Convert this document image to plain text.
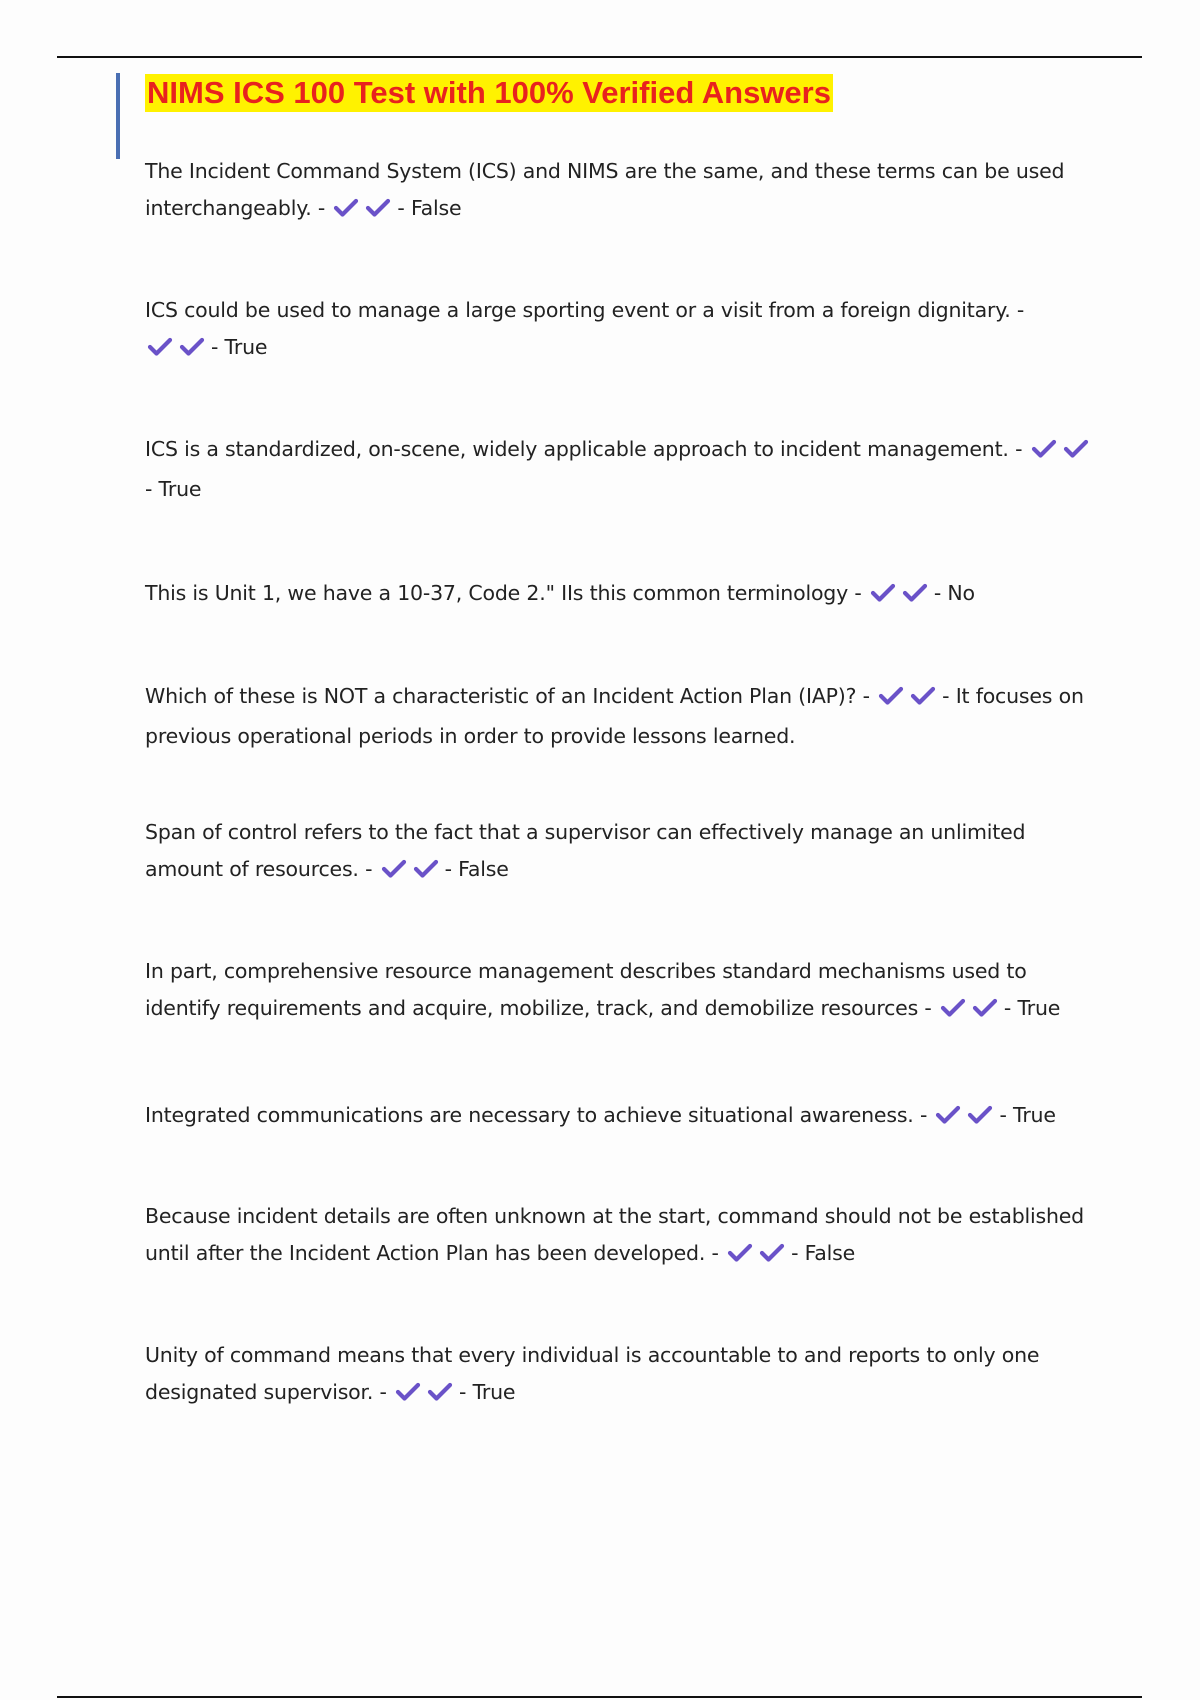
NIMS ICS 100 Test with 100% Verified Answers

The Incident Command System (ICS) and NIMS are the same, and these terms can be used interchangeably. -	- False

ICS could be used to manage a large sporting event or a visit from a foreign dignitary. - - True

ICS is a standardized, on-scene, widely applicable approach to incident management. - - True

This is Unit 1, we have a 10-37, Code 2." IIs this common terminology -	- No

Which of these is NOT a characteristic of an Incident Action Plan (IAP)? -	- It focuses on previous operational periods in order to provide lessons learned.

Span of control refers to the fact that a supervisor can effectively manage an unlimited amount of resources. -	- False

In part, comprehensive resource management describes standard mechanisms used to identify requirements and acquire, mobilize, track, and demobilize resources -	- True

Integrated communications are necessary to achieve situational awareness. -	- True

Because incident details are often unknown at the start, command should not be established until after the Incident Action Plan has been developed. -	- False

Unity of command means that every individual is accountable to and reports to only one designated supervisor. -	- True
